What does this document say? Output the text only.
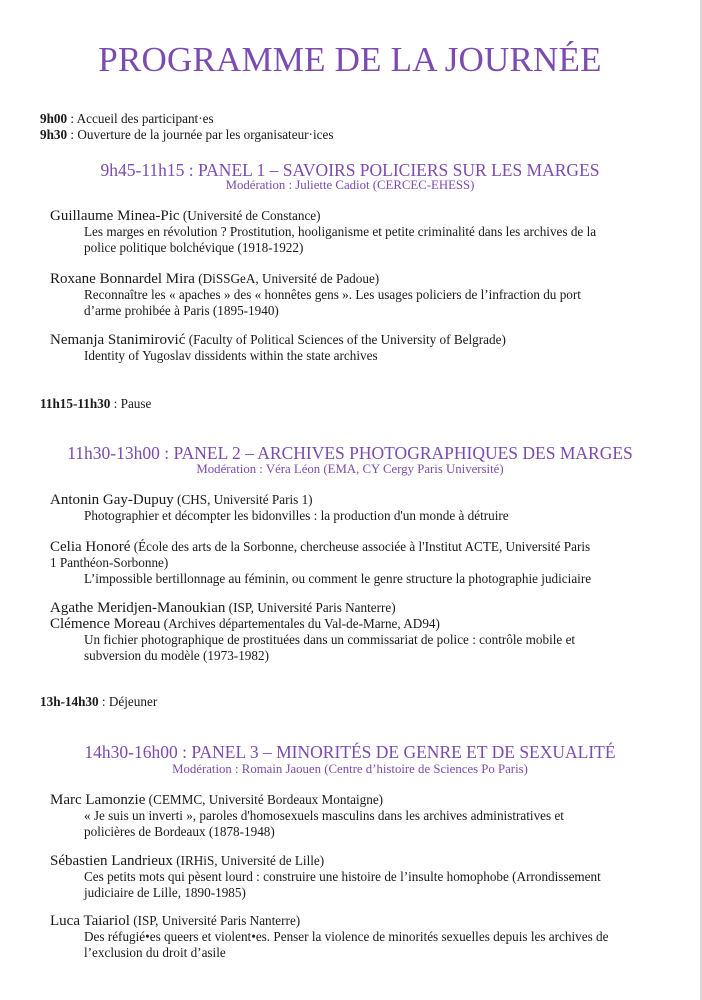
PROGRAMME DE LA JOURNÉE
9h00 : Accueil des participant·es
9h30 : Ouverture de la journée par les organisateur·ices
9h45-11h15 : PANEL 1 – SAVOIRS POLICIERS SUR LES MARGES
Modération : Juliette Cadiot (CERCEC-EHESS)
Guillaume Minea-Pic (Université de Constance)
Les marges en révolution ? Prostitution, hooliganisme et petite criminalité dans les archives de la
police politique bolchévique (1918-1922)
Roxane Bonnardel Mira (DiSSGeA, Université de Padoue)
Reconnaître les « apaches » des « honnêtes gens ». Les usages policiers de l’infraction du port
d’arme prohibée à Paris (1895-1940)
Nemanja Stanimirović (Faculty of Political Sciences of the University of Belgrade)
Identity of Yugoslav dissidents within the state archives
11h15-11h30 : Pause
11h30-13h00 : PANEL 2 – ARCHIVES PHOTOGRAPHIQUES DES MARGES
Modération : Véra Léon (EMA, CY Cergy Paris Université)
Antonin Gay-Dupuy (CHS, Université Paris 1)
Photographier et décompter les bidonvilles : la production d'un monde à détruire
Celia Honoré (École des arts de la Sorbonne, chercheuse associée à l'Institut ACTE, Université Paris
1 Panthéon-Sorbonne)
L’impossible bertillonnage au féminin, ou comment le genre structure la photographie judiciaire
Agathe Meridjen-Manoukian (ISP, Université Paris Nanterre)
Clémence Moreau (Archives départementales du Val-de-Marne, AD94)
Un fichier photographique de prostituées dans un commissariat de police : contrôle mobile et
subversion du modèle (1973-1982)
13h-14h30 : Déjeuner
14h30-16h00 : PANEL 3 – MINORITÉS DE GENRE ET DE SEXUALITÉ
Modération : Romain Jaouen (Centre d’histoire de Sciences Po Paris)
Marc Lamonzie (CEMMC, Université Bordeaux Montaigne)
« Je suis un inverti », paroles d'homosexuels masculins dans les archives administratives et
policières de Bordeaux (1878-1948)
Sébastien Landrieux (IRHiS, Université de Lille)
Ces petits mots qui pèsent lourd : construire une histoire de l’insulte homophobe (Arrondissement
judiciaire de Lille, 1890-1985)
Luca Taiariol (ISP, Université Paris Nanterre)
Des réfugié•es queers et violent•es. Penser la violence de minorités sexuelles depuis les archives de
l’exclusion du droit d’asile
